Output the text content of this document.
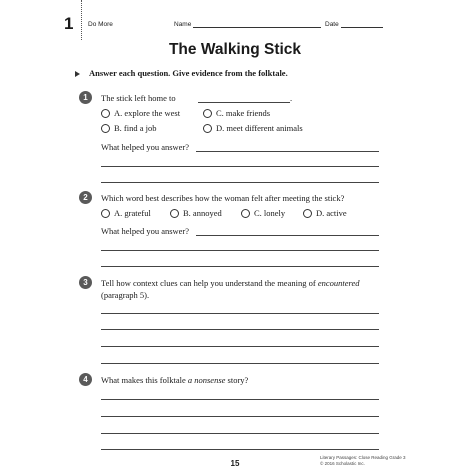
1 Do More	Name	Date
The Walking Stick
Answer each question. Give evidence from the folktale.
1	The stick left home to	.
A. explore the west	C. make friends
B. find a job	D. meet different animals
What helped you answer?
2	Which word best describes how the woman felt after meeting the stick?
A. grateful	B. annoyed	C. lonely	D. active
What helped you answer?
3	Tell how context clues can help you understand the meaning of encountered
(paragraph 5).
4	What makes this folktale a nonsense story?
15
Literary Passages: Close Reading Grade 3
© 2016 Scholastic Inc.
